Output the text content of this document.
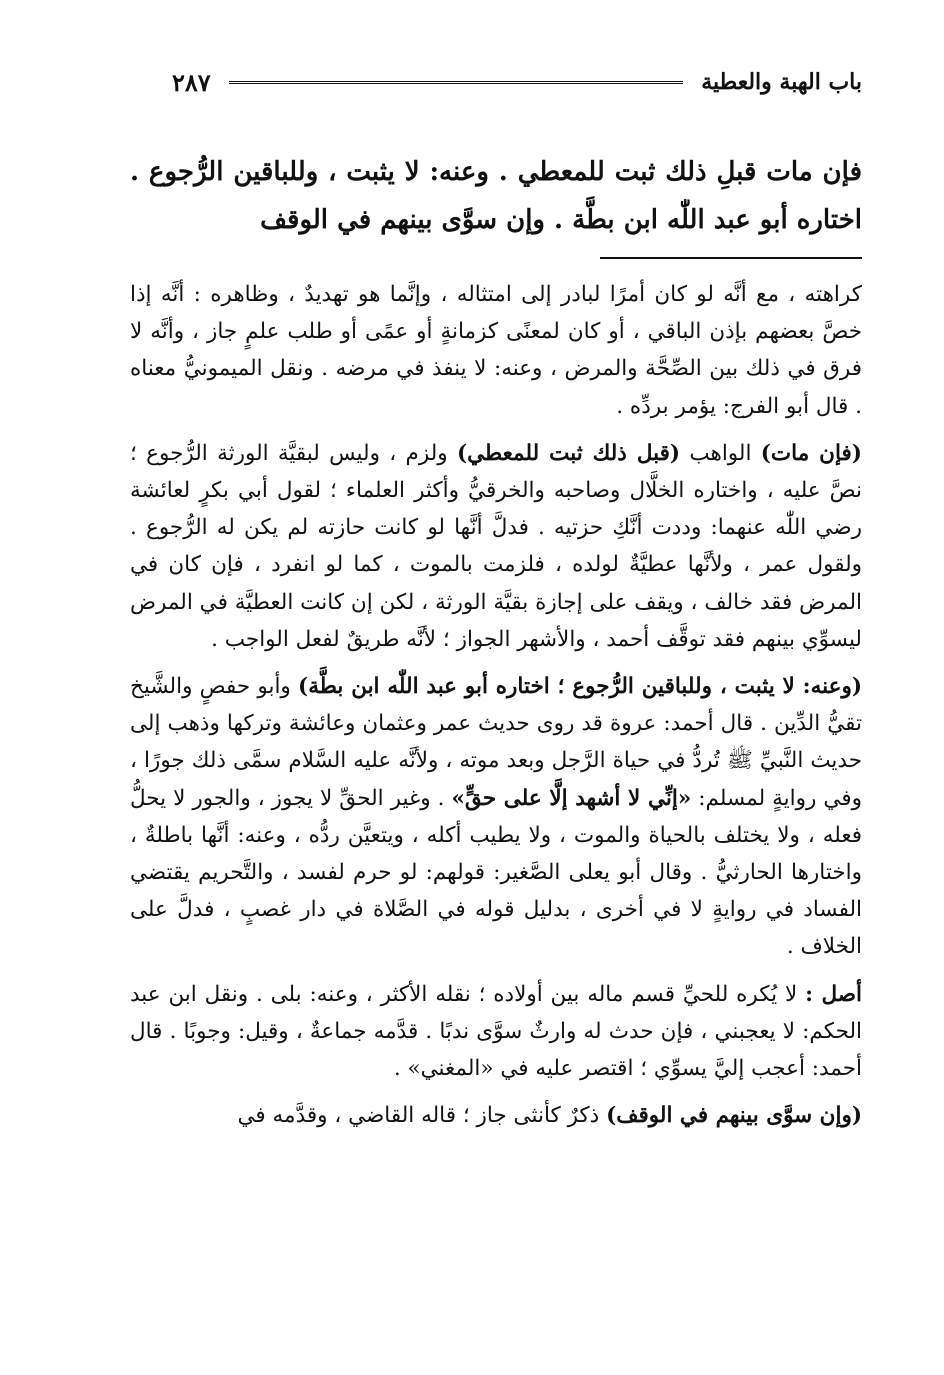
باب الهبة والعطية
٢٨٧
فإن مات قبلِ ذلك ثبت للمعطي . وعنه: لا يثبت ، وللباقين الرُّجوع . اختاره أبو عبد اللّٰه ابن بطَّة . وإن سوَّى بينهم في الوقف

كراهته ، مع أنَّه لو كان أمرًا لبادر إلى امتثاله ، وإنَّما هو تهديدٌ ، وظاهره : أنَّه إذا خصَّ بعضهم بإذن الباقي ، أو كان لمعنًى كزمانةٍ أو عمًى أو طلب علمٍ جاز ، وأنَّه لا فرق في ذلك بين الصِّحَّة والمرض ، وعنه: لا ينفذ في مرضه . ونقل الميمونيُّ معناه . قال أبو الفرج: يؤمر بردِّه .

(فإن مات) الواهب (قبل ذلك ثبت للمعطي) ولزم ، وليس لبقيَّة الورثة الرُّجوع ؛ نصَّ عليه ، واختاره الخلَّال وصاحبه والخرقيُّ وأكثر العلماء ؛ لقول أبي بكرٍ لعائشة رضي اللّٰه عنهما: وددت أنَّكِ حزتيه . فدلَّ أنَّها لو كانت حازته لم يكن له الرُّجوع . ولقول عمر ، ولأنَّها عطيَّةٌ لولده ، فلزمت بالموت ، كما لو انفرد ، فإن كان في المرض فقد خالف ، ويقف على إجازة بقيَّة الورثة ، لكن إن كانت العطيَّة في المرض ليسوِّي بينهم فقد توقَّف أحمد ، والأشهر الجواز ؛ لأنَّه طريقٌ لفعل الواجب .

(وعنه: لا يثبت ، وللباقين الرُّجوع ؛ اختاره أبو عبد اللّٰه ابن بطَّة) وأبو حفصٍ والشَّيخ تقيُّ الدِّين . قال أحمد: عروة قد روى حديث عمر وعثمان وعائشة وتركها وذهب إلى حديث النَّبيِّ ﷺ تُردُّ في حياة الرَّجل وبعد موته ، ولأنَّه عليه السَّلام سمَّى ذلك جورًا ، وفي روايةٍ لمسلم: «إنِّي لا أشهد إلَّا على حقٍّ» . وغير الحقِّ لا يجوز ، والجور لا يحلُّ فعله ، ولا يختلف بالحياة والموت ، ولا يطيب أكله ، ويتعيَّن ردُّه ، وعنه: أنَّها باطلةٌ ، واختارها الحارثيُّ . وقال أبو يعلى الصَّغير: قولهم: لو حرم لفسد ، والتَّحريم يقتضي الفساد في روايةٍ لا في أخرى ، بدليل قوله في الصَّلاة في دار غصبٍ ، فدلَّ على الخلاف .

أصل : لا يُكره للحيِّ قسم ماله بين أولاده ؛ نقله الأكثر ، وعنه: بلى . ونقل ابن عبد الحكم: لا يعجبني ، فإن حدث له وارثٌ سوَّى ندبًا . قدَّمه جماعةٌ ، وقيل: وجوبًا . قال أحمد: أعجب إليَّ يسوِّي ؛ اقتصر عليه في «المغني» .

(وإن سوَّى بينهم في الوقف) ذكرٌ كأنثى جاز ؛ قاله القاضي ، وقدَّمه في
